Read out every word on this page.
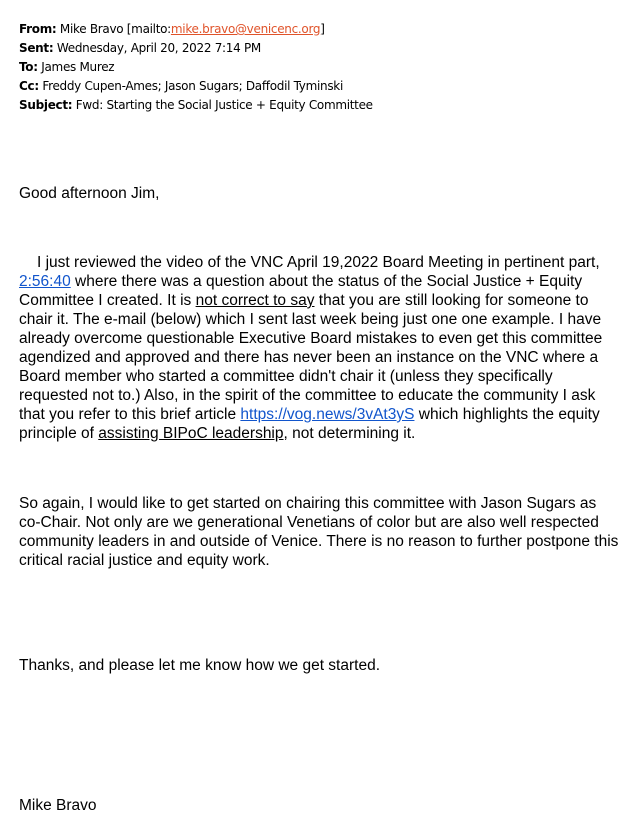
From: Mike Bravo [mailto:mike.bravo@venicenc.org]
Sent: Wednesday, April 20, 2022 7:14 PM
To: James Murez
Cc: Freddy Cupen-Ames; Jason Sugars; Daffodil Tyminski
Subject: Fwd: Starting the Social Justice + Equity Committee

Good afternoon Jim,

I just reviewed the video of the VNC April 19,2022 Board Meeting in pertinent part, 2:56:40 where there was a question about the status of the Social Justice + Equity Committee I created. It is not correct to say that you are still looking for someone to chair it. The e-mail (below) which I sent last week being just one one example. I have already overcome questionable Executive Board mistakes to even get this committee agendized and approved and there has never been an instance on the VNC where a Board member who started a committee didn't chair it (unless they specifically requested not to.) Also, in the spirit of the committee to educate the community I ask that you refer to this brief article https://vog.news/3vAt3yS which highlights the equity principle of assisting BIPoC leadership, not determining it.

So again, I would like to get started on chairing this committee with Jason Sugars as co-Chair. Not only are we generational Venetians of color but are also well respected community leaders in and outside of Venice. There is no reason to further postpone this critical racial justice and equity work.

Thanks, and please let me know how we get started.

Mike Bravo
